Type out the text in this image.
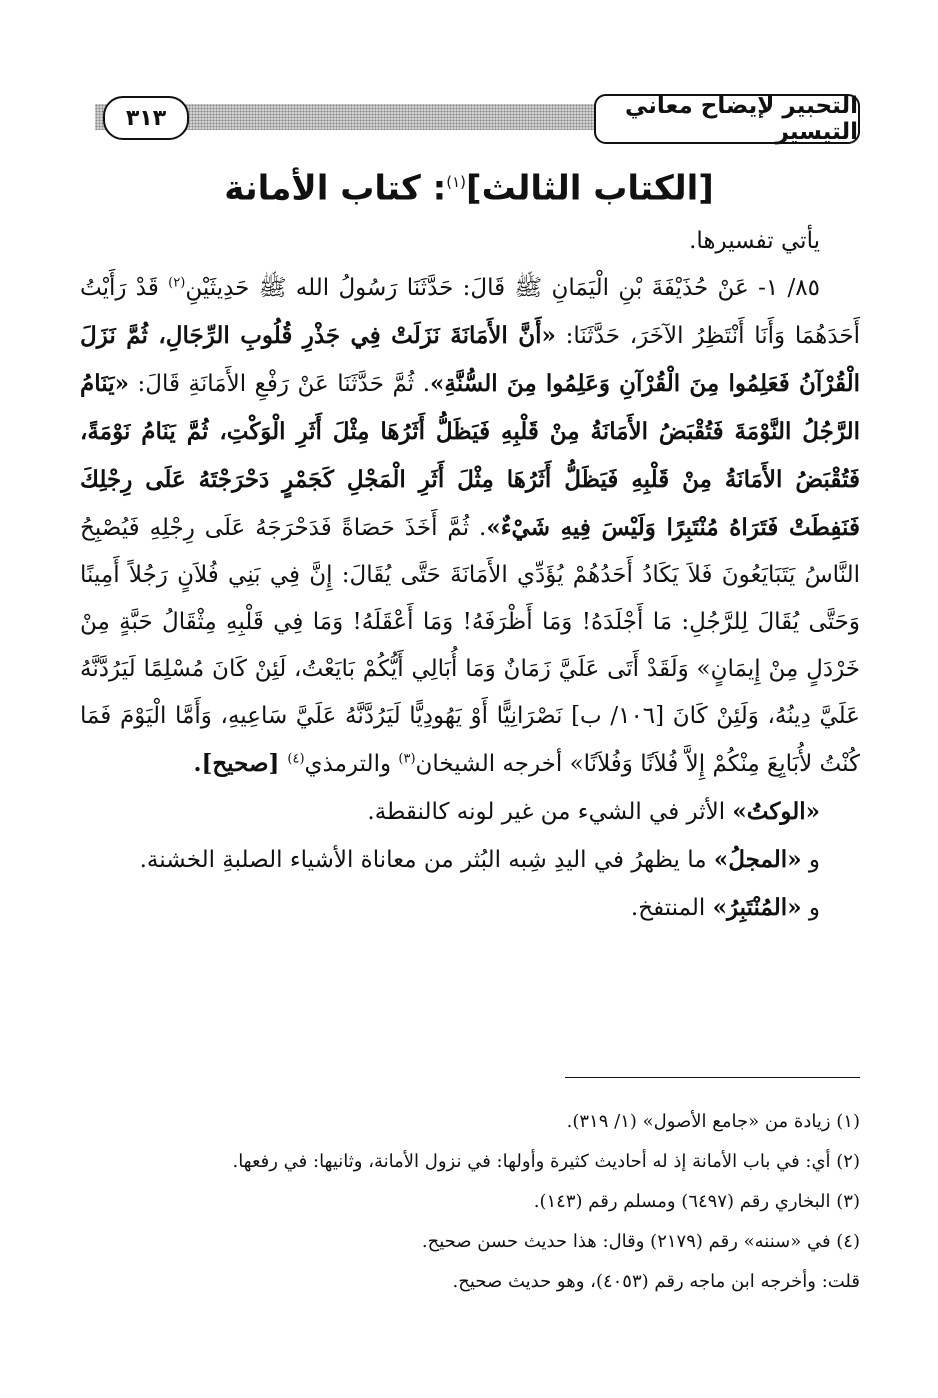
التحبير لإيضاح معاني التيسير
٣١٣
[الكتاب الثالث]$^{(١)}$: كتاب الأمانة

يأتي تفسيرها.

٨٥/ ١- عَنْ حُذَيْفَةَ بْنِ الْيَمَانِ ﷺ قَالَ: حَدَّثَنَا رَسُولُ الله ﷺ حَدِيثَيْنِ$^{(٢)}$ قَدْ رَأَيْتُ أَحَدَهُمَا وَأَنَا أَنْتَظِرُ الآخَرَ، حَدَّثَنَا: «أَنَّ الأَمَانَةَ نَزَلَتْ فِي جَذْرِ قُلُوبِ الرِّجَالِ، ثُمَّ نَزَلَ الْقُرْآنُ فَعَلِمُوا مِنَ الْقُرْآنِ وَعَلِمُوا مِنَ السُّنَّةِ». ثُمَّ حَدَّثَنَا عَنْ رَفْعِ الأَمَانَةِ قَالَ: «يَنَامُ الرَّجُلُ النَّوْمَةَ فَتُقْبَضُ الأَمَانَةُ مِنْ قَلْبِهِ فَيَظَلُّ أَثَرُهَا مِثْلَ أَثَرِ الْوَكْتِ، ثُمَّ يَنَامُ نَوْمَةً، فَتُقْبَضُ الأَمَانَةُ مِنْ قَلْبِهِ فَيَظَلُّ أَثَرُهَا مِثْلَ أَثَرِ الْمَجْلِ كَجَمْرٍ دَحْرَجْتَهُ عَلَى رِجْلِكَ فَنَفِطَتْ فَتَرَاهُ مُنْتَبِرًا وَلَيْسَ فِيهِ شَيْءٌ». ثُمَّ أَخَذَ حَصَاةً فَدَحْرَجَهُ عَلَى رِجْلِهِ فَيُصْبِحُ النَّاسُ يَتَبَايَعُونَ فَلاَ يَكَادُ أَحَدُهُمْ يُؤَدِّي الأَمَانَةَ حَتَّى يُقَالَ: إِنَّ فِي بَنِي فُلاَنٍ رَجُلاً أَمِينًا وَحَتَّى يُقَالَ لِلرَّجُلِ: مَا أَجْلَدَهُ! وَمَا أَظْرَفَهُ! وَمَا أَعْقَلَهُ! وَمَا فِي قَلْبِهِ مِثْقَالُ حَبَّةٍ مِنْ خَرْدَلٍ مِنْ إِيمَانٍ» وَلَقَدْ أَتَى عَلَيَّ زَمَانٌ وَمَا أُبَالِي أَيُّكُمْ بَايَعْتُ، لَئِنْ كَانَ مُسْلِمًا لَيَرُدَّنَّهُ عَلَيَّ دِينُهُ، وَلَئِنْ كَانَ [١٠٦/ ب] نَصْرَانِيًّا أَوْ يَهُودِيًّا لَيَرُدَّنَّهُ عَلَيَّ سَاعِيهِ، وَأَمَّا الْيَوْمَ فَمَا كُنْتُ لأُبَايِعَ مِنْكُمْ إِلاَّ فُلاَنًا وَفُلاَنًا» أخرجه الشيخان$^{(٣)}$ والترمذي$^{(٤)}$ [صحيح].

«الوكتُ» الأثر في الشيء من غير لونه كالنقطة.

و «المجلُ» ما يظهرُ في اليدِ شِبه البُثر من معاناة الأشياء الصلبةِ الخشنة.

و «المُنْتَبِرُ» المنتفخ.

(١) زيادة من «جامع الأصول» (١/ ٣١٩).

(٢) أي: في باب الأمانة إذ له أحاديث كثيرة وأولها: في نزول الأمانة، وثانيها: في رفعها.

(٣) البخاري رقم (٦٤٩٧) ومسلم رقم (١٤٣).

(٤) في «سننه» رقم (٢١٧٩) وقال: هذا حديث حسن صحيح.

قلت: وأخرجه ابن ماجه رقم (٤٠٥٣)، وهو حديث صحيح.
